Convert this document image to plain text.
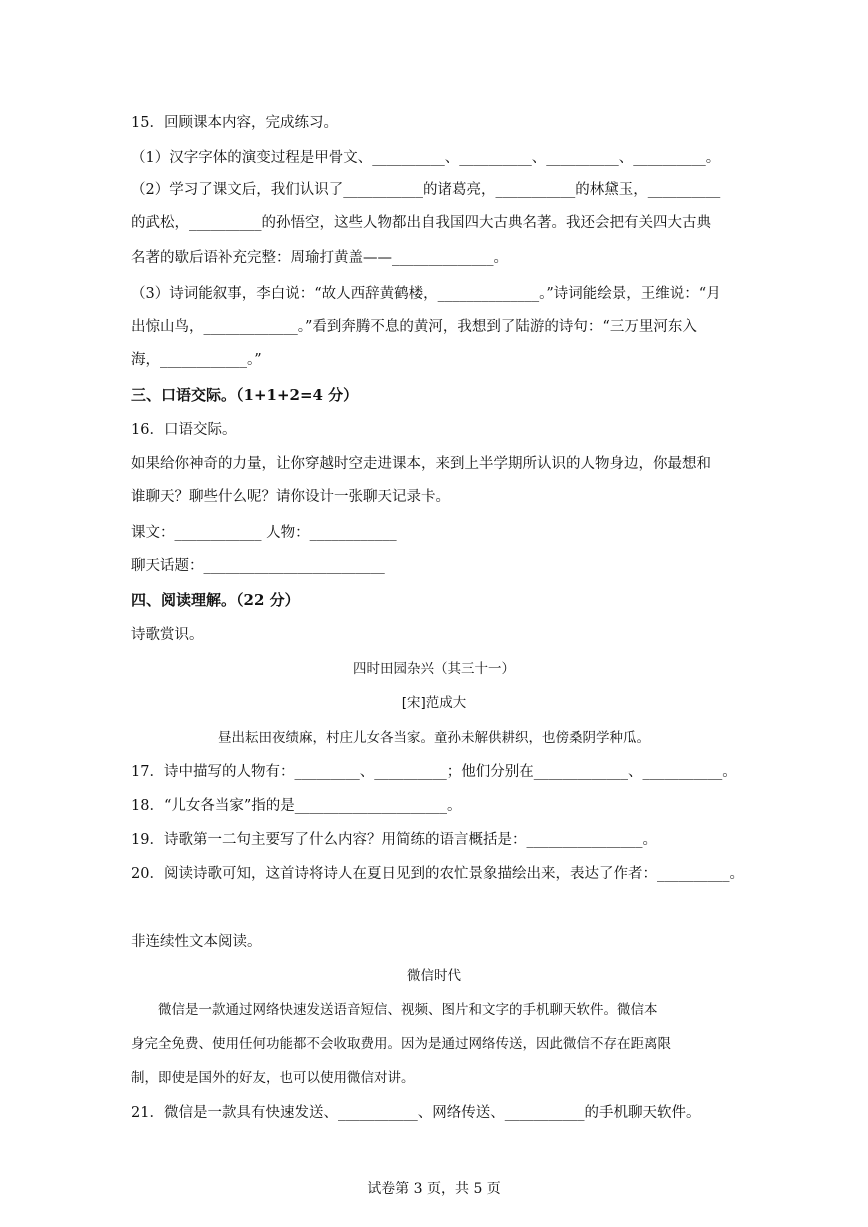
15．回顾课本内容，完成练习。
（1）汉字字体的演变过程是甲骨文、__________、__________、__________、__________。
（2）学习了课文后，我们认识了___________的诸葛亮，___________的林黛玉，__________
的武松，__________的孙悟空，这些人物都出自我国四大古典名著。我还会把有关四大古典
名著的歇后语补充完整：周瑜打黄盖——______________。
（3）诗词能叙事，李白说：“故人西辞黄鹤楼，______________。”诗词能绘景，王维说：“月
出惊山鸟，_____________。”看到奔腾不息的黄河，我想到了陆游的诗句：“三万里河东入
海，____________。”
三、口语交际。（1+1+2=4 分）
16．口语交际。
如果给你神奇的力量，让你穿越时空走进课本，来到上半学期所认识的人物身边，你最想和
谁聊天？聊些什么呢？请你设计一张聊天记录卡。
课文：____________ 人物：____________
聊天话题：_________________________
四、阅读理解。（22 分）
诗歌赏识。
四时田园杂兴（其三十一）
[宋]范成大
昼出耘田夜绩麻，村庄儿女各当家。童孙未解供耕织，也傍桑阴学种瓜。
17．诗中描写的人物有：_________、__________；他们分别在_____________、___________。
18．“儿女各当家”指的是_____________________。
19．诗歌第一二句主要写了什么内容？用简练的语言概括是：________________。
20．阅读诗歌可知，这首诗将诗人在夏日见到的农忙景象描绘出来，表达了作者：__________。
非连续性文本阅读。
微信时代
　　微信是一款通过网络快速发送语音短信、视频、图片和文字的手机聊天软件。微信本
身完全免费、使用任何功能都不会收取费用。因为是通过网络传送，因此微信不存在距离限
制，即使是国外的好友，也可以使用微信对讲。
21．微信是一款具有快速发送、___________、网络传送、___________的手机聊天软件。
试卷第 3 页，共 5 页
